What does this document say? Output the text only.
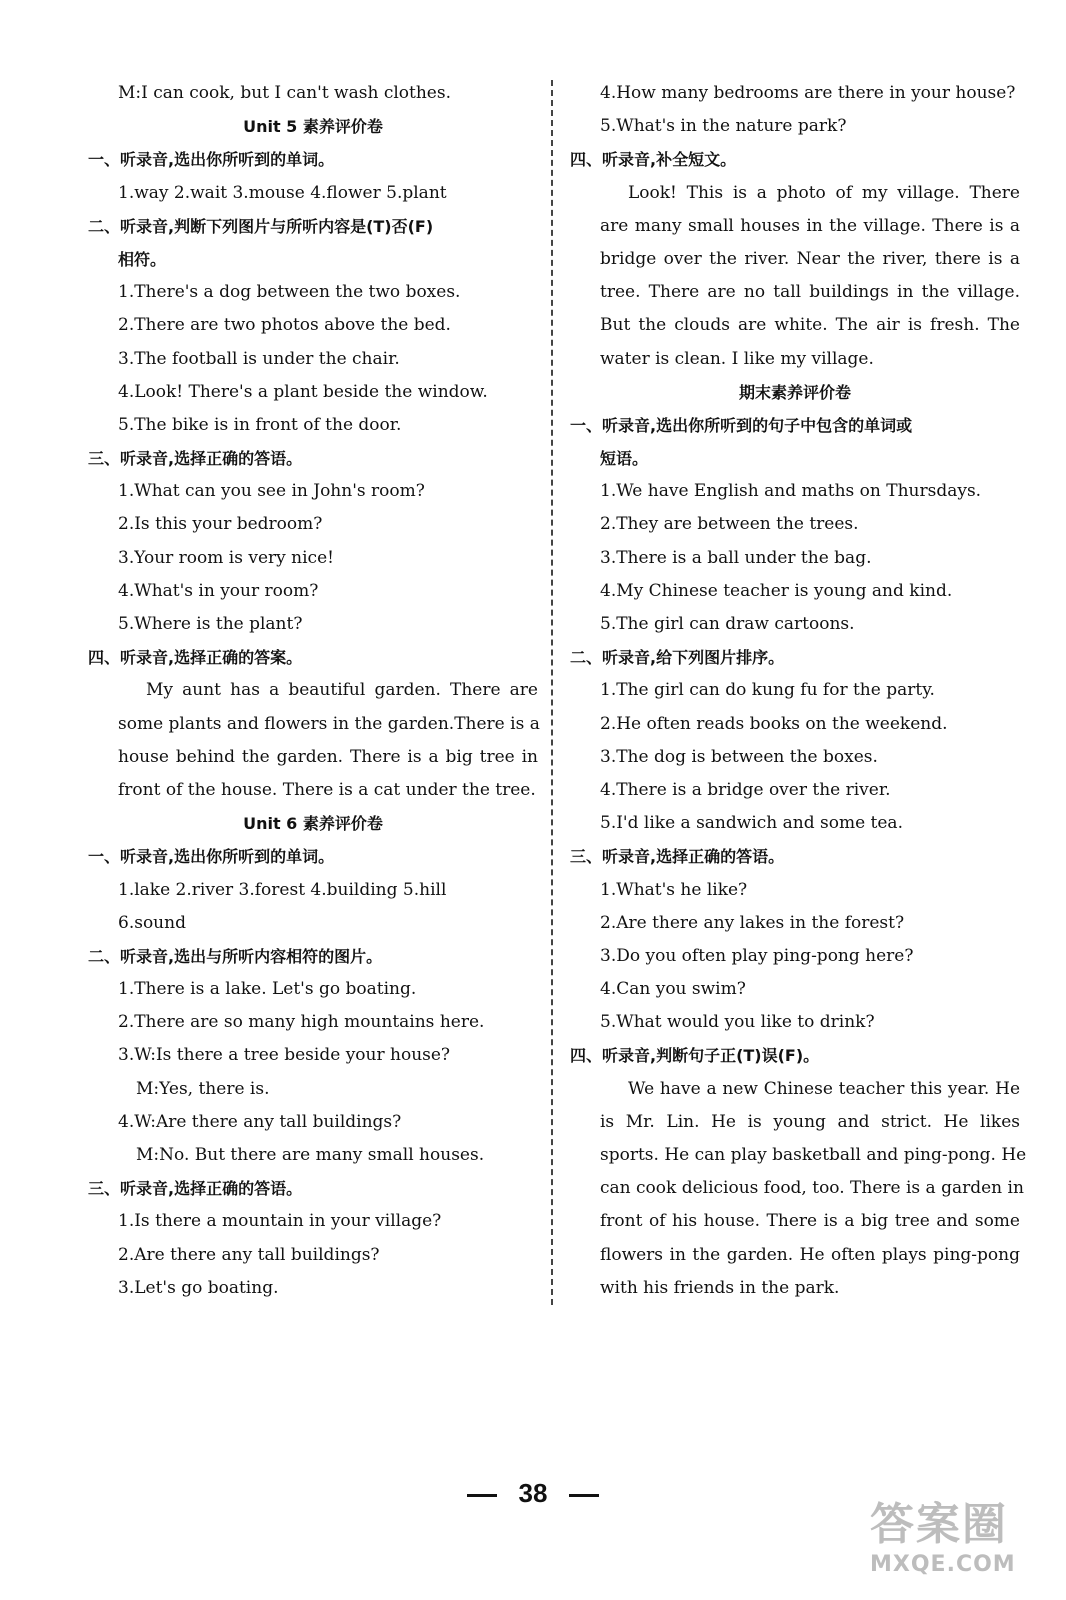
M:I can cook, but I can't wash clothes.
Unit 5 素养评价卷
一、听录音,选出你所听到的单词。
1.way 2.wait 3.mouse 4.flower 5.plant
二、听录音,判断下列图片与所听内容是(T)否(F)
相符。
1.There's a dog between the two boxes.
2.There are two photos above the bed.
3.The football is under the chair.
4.Look! There's a plant beside the window.
5.The bike is in front of the door.
三、听录音,选择正确的答语。
1.What can you see in John's room?
2.Is this your bedroom?
3.Your room is very nice!
4.What's in your room?
5.Where is the plant?
四、听录音,选择正确的答案。
My aunt has a beautiful garden. There are
some plants and flowers in the garden.There is a
house behind the garden. There is a big tree in
front of the house. There is a cat under the tree.
Unit 6 素养评价卷
一、听录音,选出你所听到的单词。
1.lake 2.river 3.forest 4.building 5.hill
6.sound
二、听录音,选出与所听内容相符的图片。
1.There is a lake. Let's go boating.
2.There are so many high mountains here.
3.W:Is there a tree beside your house?
M:Yes, there is.
4.W:Are there any tall buildings?
M:No. But there are many small houses.
三、听录音,选择正确的答语。
1.Is there a mountain in your village?
2.Are there any tall buildings?
3.Let's go boating.
4.How many bedrooms are there in your house?
5.What's in the nature park?
四、听录音,补全短文。
Look! This is a photo of my village. There
are many small houses in the village. There is a
bridge over the river. Near the river, there is a
tree. There are no tall buildings in the village.
But the clouds are white. The air is fresh. The
water is clean. I like my village.
期末素养评价卷
一、听录音,选出你所听到的句子中包含的单词或
短语。
1.We have English and maths on Thursdays.
2.They are between the trees.
3.There is a ball under the bag.
4.My Chinese teacher is young and kind.
5.The girl can draw cartoons.
二、听录音,给下列图片排序。
1.The girl can do kung fu for the party.
2.He often reads books on the weekend.
3.The dog is between the boxes.
4.There is a bridge over the river.
5.I'd like a sandwich and some tea.
三、听录音,选择正确的答语。
1.What's he like?
2.Are there any lakes in the forest?
3.Do you often play ping-pong here?
4.Can you swim?
5.What would you like to drink?
四、听录音,判断句子正(T)误(F)。
We have a new Chinese teacher this year. He
is Mr. Lin. He is young and strict. He likes
sports. He can play basketball and ping-pong. He
can cook delicious food, too. There is a garden in
front of his house. There is a big tree and some
flowers in the garden. He often plays ping-pong
with his friends in the park.
38
答案圈
MXQE.COM
